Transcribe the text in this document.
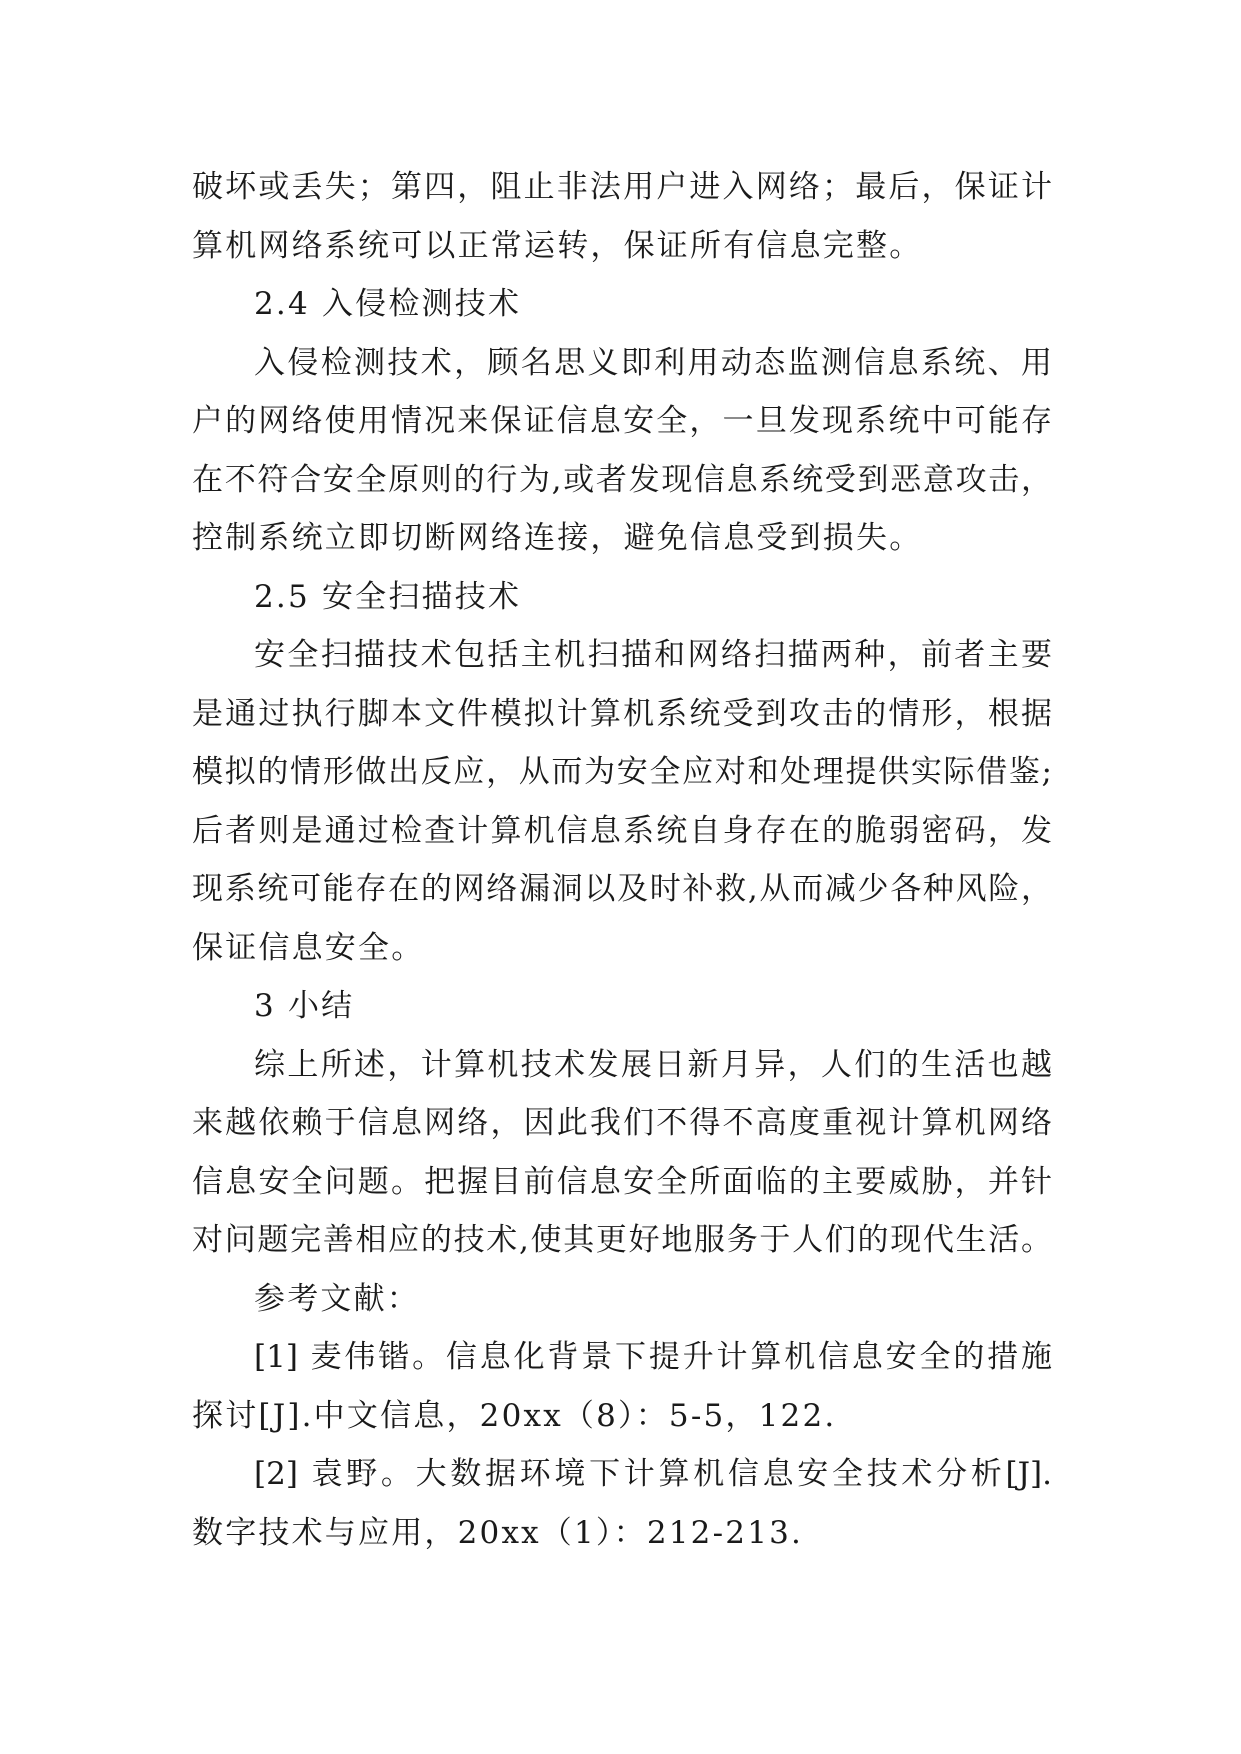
破坏或丢失；第四，阻止非法用户进入网络；最后，保证计
算机网络系统可以正常运转，保证所有信息完整。
2.4 入侵检测技术
入侵检测技术，顾名思义即利用动态监测信息系统、用
户的网络使用情况来保证信息安全，一旦发现系统中可能存
在不符合安全原则的行为,或者发现信息系统受到恶意攻击，
控制系统立即切断网络连接，避免信息受到损失。
2.5 安全扫描技术
安全扫描技术包括主机扫描和网络扫描两种，前者主要
是通过执行脚本文件模拟计算机系统受到攻击的情形，根据
模拟的情形做出反应，从而为安全应对和处理提供实际借鉴;
后者则是通过检查计算机信息系统自身存在的脆弱密码，发
现系统可能存在的网络漏洞以及时补救,从而减少各种风险，
保证信息安全。
3 小结
综上所述，计算机技术发展日新月异，人们的生活也越
来越依赖于信息网络，因此我们不得不高度重视计算机网络
信息安全问题。把握目前信息安全所面临的主要威胁，并针
对问题完善相应的技术,使其更好地服务于人们的现代生活。
参考文献：
[1] 麦伟锴。信息化背景下提升计算机信息安全的措施
探讨[J].中文信息，20xx（8）：5-5，122.
[2] 袁野。大数据环境下计算机信息安全技术分析[J].
数字技术与应用，20xx（1）：212-213.
